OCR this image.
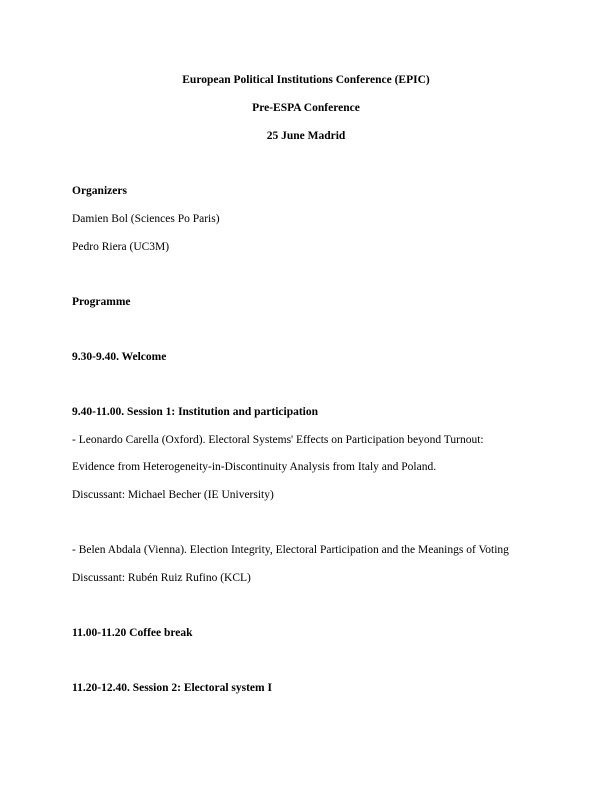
European Political Institutions Conference (EPIC)
Pre-ESPA Conference
25 June Madrid
Organizers
Damien Bol (Sciences Po Paris)
Pedro Riera (UC3M)
Programme
9.30-9.40. Welcome
9.40-11.00. Session 1: Institution and participation
- Leonardo Carella (Oxford). Electoral Systems' Effects on Participation beyond Turnout:
Evidence from Heterogeneity-in-Discontinuity Analysis from Italy and Poland.
Discussant: Michael Becher (IE University)
- Belen Abdala (Vienna). Election Integrity, Electoral Participation and the Meanings of Voting
Discussant: Rubén Ruiz Rufino (KCL)
11.00-11.20 Coffee break
11.20-12.40. Session 2: Electoral system I
